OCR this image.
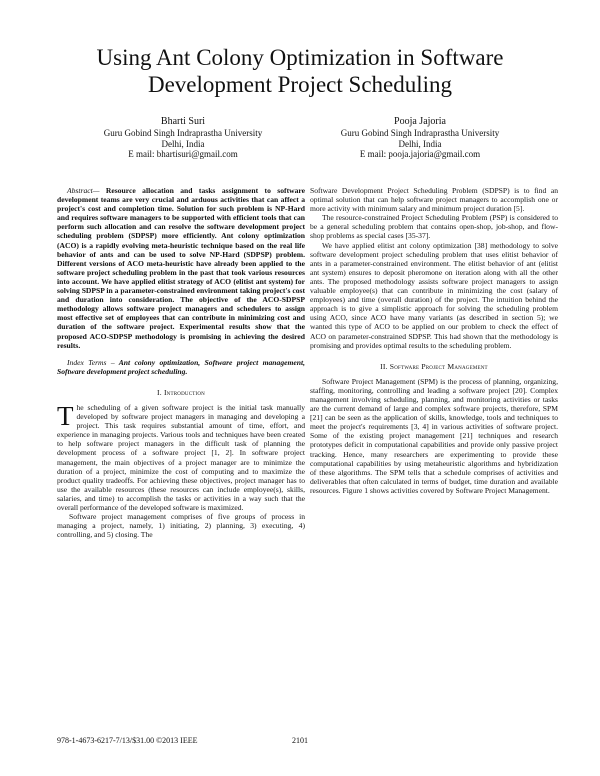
Using Ant Colony Optimization in Software
Development Project Scheduling
Bharti Suri
Guru Gobind Singh Indraprastha University
Delhi, India
E mail: bhartisuri@gmail.com
Pooja Jajoria
Guru Gobind Singh Indraprastha University
Delhi, India
E mail: pooja.jajoria@gmail.com

Abstract— Resource allocation and tasks assignment to software development teams are very crucial and arduous activities that can affect a project's cost and completion time. Solution for such problem is NP-Hard and requires software managers to be supported with efficient tools that can perform such allocation and can resolve the software development project scheduling problem (SDPSP) more efficiently. Ant colony optimization (ACO) is a rapidly evolving meta-heuristic technique based on the real life behavior of ants and can be used to solve NP-Hard (SDPSP) problem. Different versions of ACO meta-heuristic have already been applied to the software project scheduling problem in the past that took various resources into account. We have applied elitist strategy of ACO (elitist ant system) for solving SDPSP in a parameter-constrained environment taking project's cost and duration into consideration. The objective of the ACO-SDPSP methodology allows software project managers and schedulers to assign most effective set of employees that can contribute in minimizing cost and duration of the software project. Experimental results show that the proposed ACO-SDPSP methodology is promising in achieving the desired results.

Index Terms – Ant colony optimization, Software project management, Software development project scheduling.

I. Introduction

The scheduling of a given software project is the initial task manually developed by software project managers in managing and developing a project. This task requires substantial amount of time, effort, and experience in managing projects. Various tools and techniques have been created to help software project managers in the difficult task of planning the development process of a software project [1, 2]. In software project management, the main objectives of a project manager are to minimize the duration of a project, minimize the cost of computing and to maximize the product quality tradeoffs. For achieving these objectives, project manager has to use the available resources (these resources can include employee(s), skills, salaries, and time) to accomplish the tasks or activities in a way such that the overall performance of the developed software is maximized.

Software project management comprises of five groups of process in managing a project, namely, 1) initiating, 2) planning, 3) executing, 4) controlling, and 5) closing. The

Software Development Project Scheduling Problem (SDPSP) is to find an optimal solution that can help software project managers to accomplish one or more activity with minimum salary and minimum project duration [5].

The resource-constrained Project Scheduling Problem (PSP) is considered to be a general scheduling problem that contains open-shop, job-shop, and flow-shop problems as special cases [35-37].

We have applied elitist ant colony optimization [38] methodology to solve software development project scheduling problem that uses elitist behavior of ants in a parameter-constrained environment. The elitist behavior of ant (elitist ant system) ensures to deposit pheromone on iteration along with all the other ants. The proposed methodology assists software project managers to assign valuable employee(s) that can contribute in minimizing the cost (salary of employees) and time (overall duration) of the project. The intuition behind the approach is to give a simplistic approach for solving the scheduling problem using ACO, since ACO have many variants (as described in section 5); we wanted this type of ACO to be applied on our problem to check the effect of ACO on parameter-constrained SDPSP. This had shown that the methodology is promising and provides optimal results to the scheduling problem.

II. Software Project Management

Software Project Management (SPM) is the process of planning, organizing, staffing, monitoring, controlling and leading a software project [20]. Complex management involving scheduling, planning, and monitoring activities or tasks are the current demand of large and complex software projects, therefore, SPM [21] can be seen as the application of skills, knowledge, tools and techniques to meet the project's requirements [3, 4] in various activities of software project. Some of the existing project management [21] techniques and research prototypes deficit in computational capabilities and provide only passive project tracking. Hence, many researchers are experimenting to provide these computational capabilities by using metaheuristic algorithms and hybridization of these algorithms. The SPM tells that a schedule comprises of activities and deliverables that often calculated in terms of budget, time duration and available resources. Figure 1 shows activities covered by Software Project Management.

978-1-4673-6217-7/13/$31.00 ©2013 IEEE	2101
